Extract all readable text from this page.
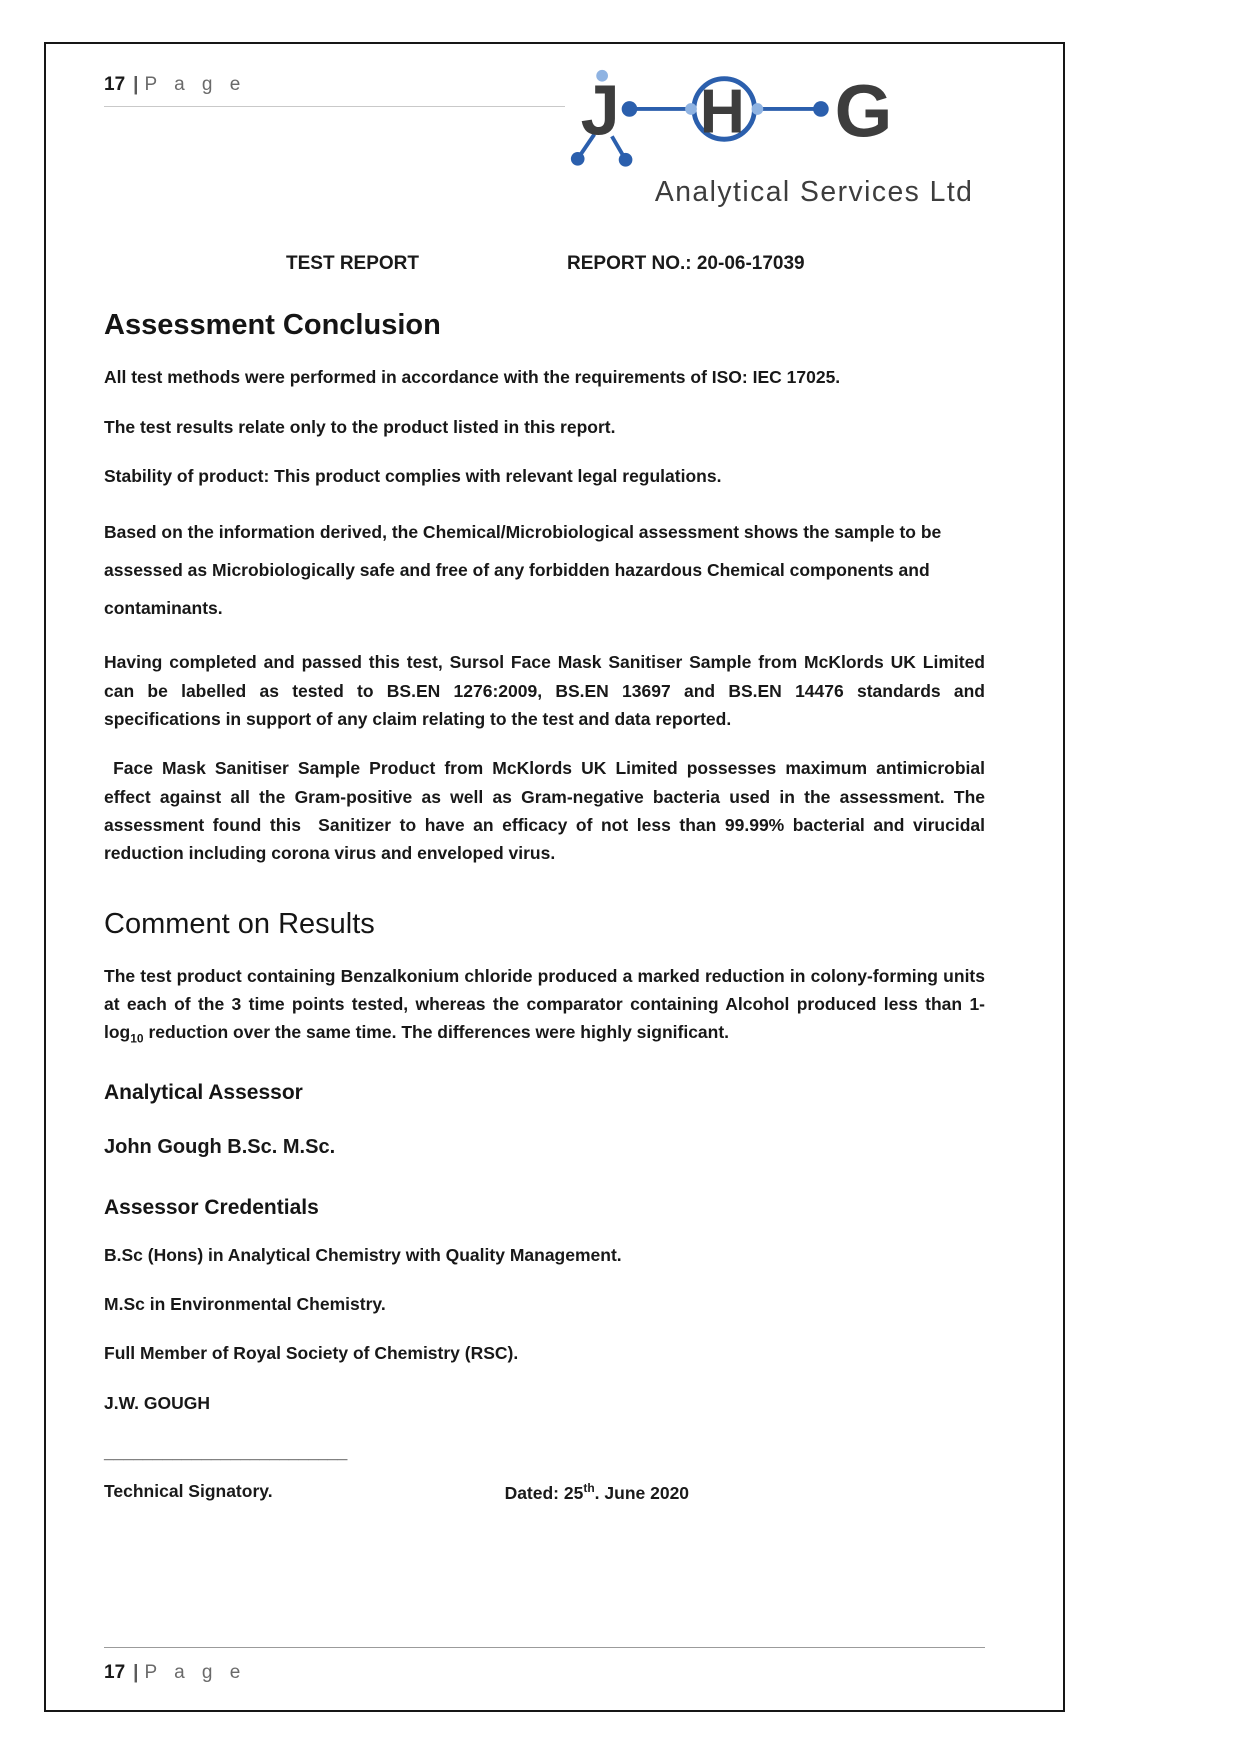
17 | P a g e	J H G
Analytical Services Ltd
TEST REPORT	REPORT NO.: 20-06-17039
Assessment Conclusion

All test methods were performed in accordance with the requirements of ISO: IEC 17025.

The test results relate only to the product listed in this report.

Stability of product: This product complies with relevant legal regulations.

Based on the information derived, the Chemical/Microbiological assessment shows the sample to be assessed as Microbiologically safe and free of any forbidden hazardous Chemical components and contaminants.

Having completed and passed this test, Sursol Face Mask Sanitiser Sample from McKlords UK Limited can be labelled as tested to BS.EN 1276:2009, BS.EN 13697 and BS.EN 14476 standards and specifications in support of any claim relating to the test and data reported.

Face Mask Sanitiser Sample Product from McKlords UK Limited possesses maximum antimicrobial effect against all the Gram-positive as well as Gram-negative bacteria used in the assessment. The assessment found this  Sanitizer to have an efficacy of not less than 99.99% bacterial and virucidal reduction including corona virus and enveloped virus.

Comment on Results

The test product containing Benzalkonium chloride produced a marked reduction in colony-forming units at each of the 3 time points tested, whereas the comparator containing Alcohol produced less than $1-\log_{10}$ reduction over the same time. The differences were highly significant.

Analytical Assessor

John Gough B.Sc. M.Sc.

Assessor Credentials

B.Sc (Hons) in Analytical Chemistry with Quality Management.

M.Sc in Environmental Chemistry.

Full Member of Royal Society of Chemistry (RSC).

J.W. GOUGH

_________________________

Technical Signatory.	Dated: 25th. June 2020
17 | P a g e
